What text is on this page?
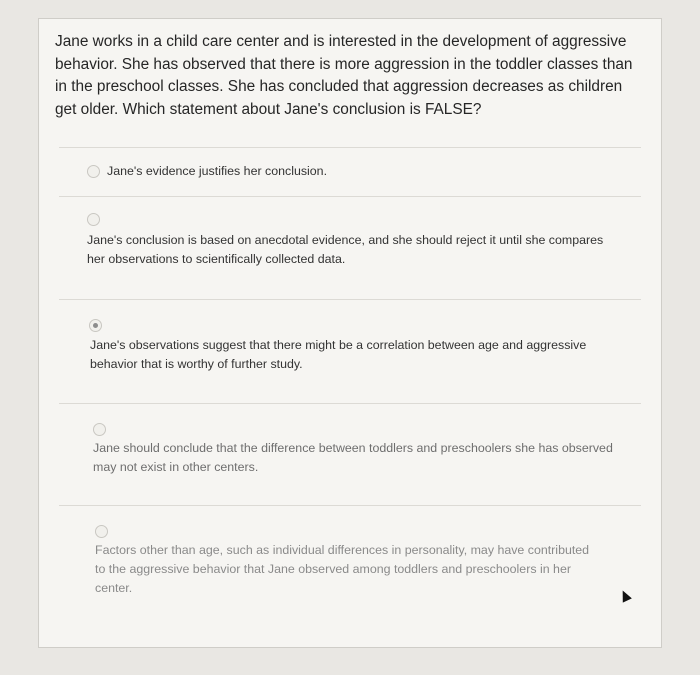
Jane works in a child care center and is interested in the development of aggressive behavior. She has observed that there is more aggression in the toddler classes than in the preschool classes. She has concluded that aggression decreases as children get older. Which statement about Jane's conclusion is FALSE?

Jane's evidence justifies her conclusion.
Jane's conclusion is based on anecdotal evidence, and she should reject it until she compares her observations to scientifically collected data.
Jane's observations suggest that there might be a correlation between age and aggressive behavior that is worthy of further study.
Jane should conclude that the difference between toddlers and preschoolers she has observed may not exist in other centers.
Factors other than age, such as individual differences in personality, may have contributed to the aggressive behavior that Jane observed among toddlers and preschoolers in her center.
